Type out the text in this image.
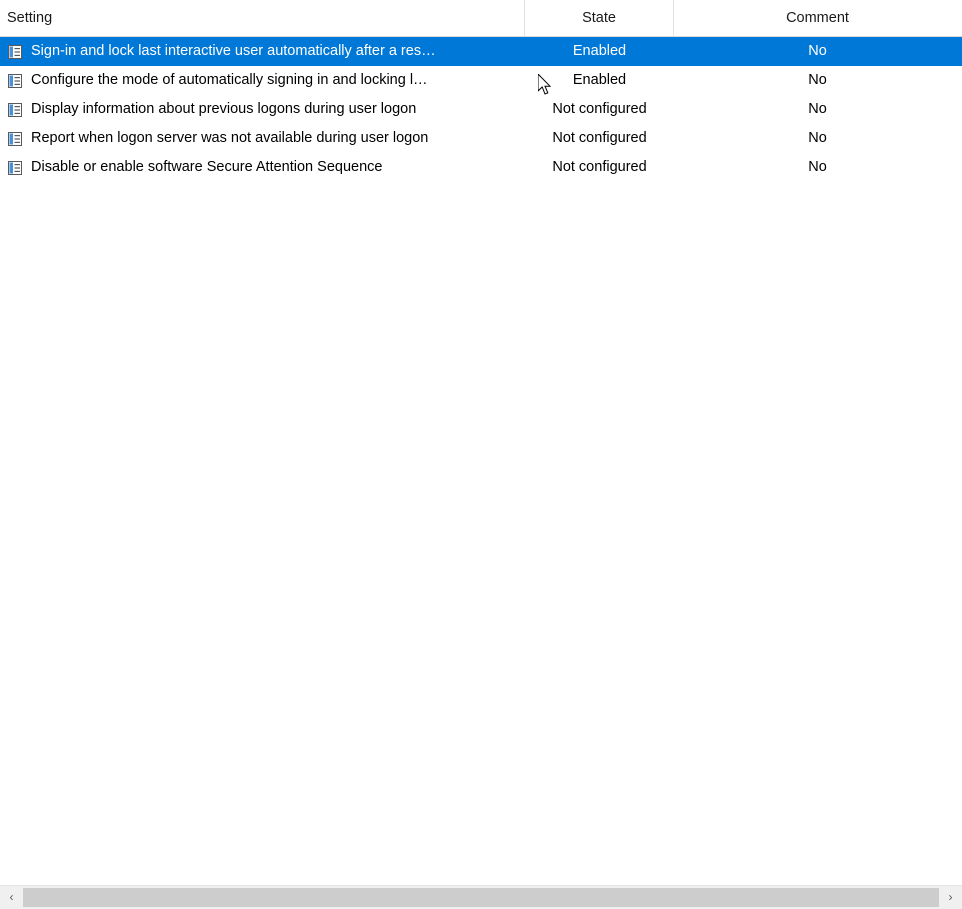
Setting	State	Comment
Sign-in and lock last interactive user automatically after a res…	Enabled	No
Configure the mode of automatically signing in and locking l…	Enabled	No
Display information about previous logons during user logon	Not configured	No
Report when logon server was not available during user logon	Not configured	No
Disable or enable software Secure Attention Sequence	Not configured	No
‹	›
